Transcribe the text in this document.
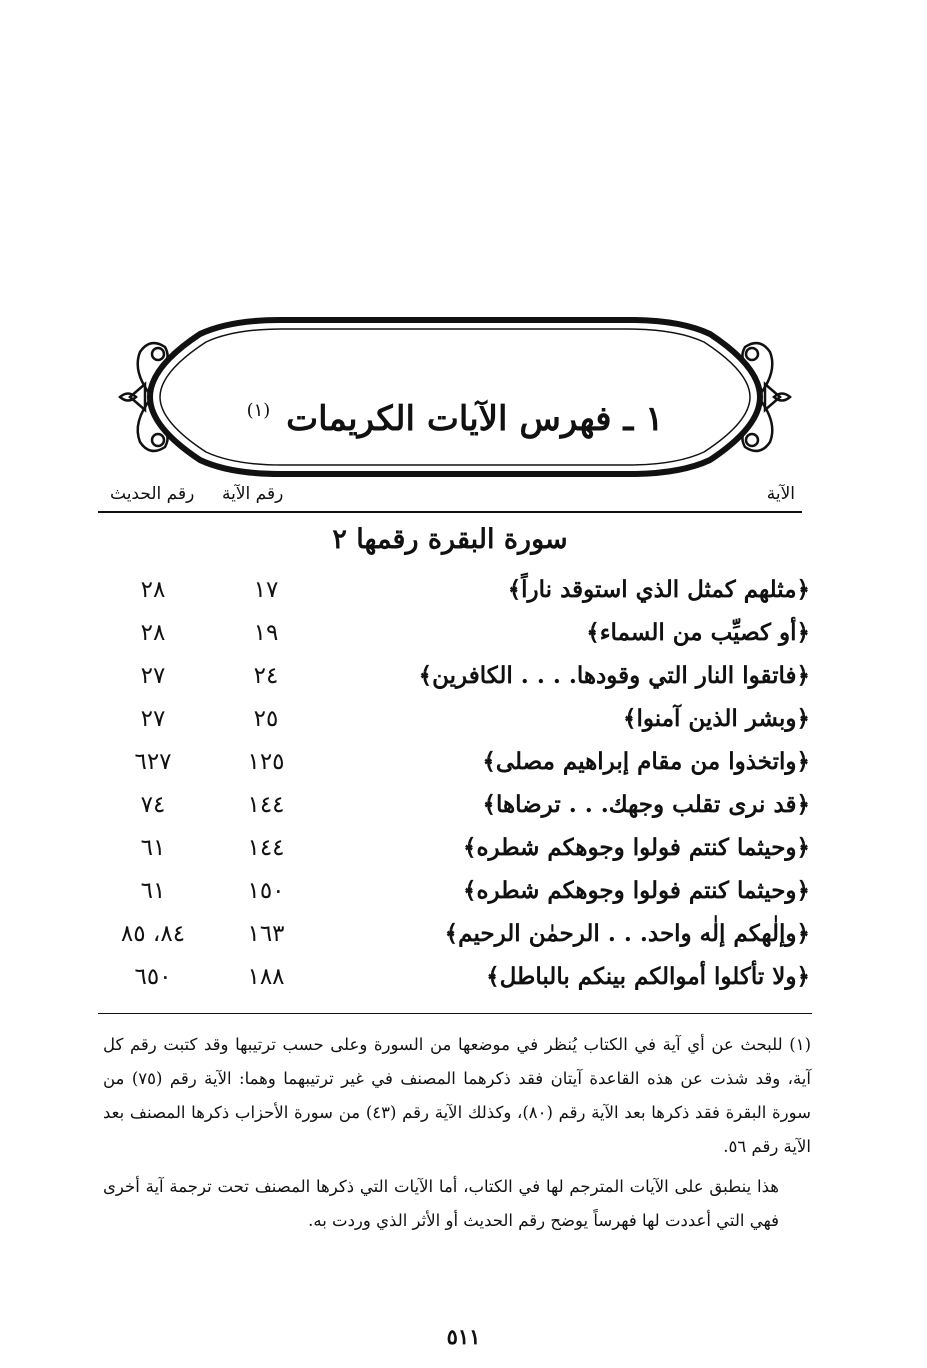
١ ـ فهرس الآيات الكريمات $^{(١)}$
الآية
رقم الآية
رقم الحديث
سورة البقرة رقمها ٢
﴿مثلهم كمثل الذي استوقد ناراً﴾
١٧
٢٨
﴿أو كصيِّب من السماء﴾
١٩
٢٨
﴿فاتقوا النار التي وقودها. . . . الكافرين﴾
٢٤
٢٧
﴿وبشر الذين آمنوا﴾
٢٥
٢٧
﴿واتخذوا من مقام إبراهيم مصلى﴾
١٢٥
٦٢٧
﴿قد نرى تقلب وجهك. . . ترضاها﴾
١٤٤
٧٤
﴿وحيثما كنتم فولوا وجوهكم شطره﴾
١٤٤
٦١
﴿وحيثما كنتم فولوا وجوهكم شطره﴾
١٥٠
٦١
﴿وإلٰهكم إلٰه واحد. . . الرحمٰن الرحيم﴾
١٦٣
٨٤، ٨٥
﴿ولا تأكلوا أموالكم بينكم بالباطل﴾
١٨٨
٦٥٠

(١) للبحث عن أي آية في الكتاب يُنظر في موضعها من السورة وعلى حسب ترتيبها وقد كتبت رقم كل آية، وقد شذت عن هذه القاعدة آيتان فقد ذكرهما المصنف في غير ترتيبهما وهما: الآية رقم (٧٥) من سورة البقرة فقد ذكرها بعد الآية رقم (٨٠)، وكذلك الآية رقم (٤٣) من سورة الأحزاب ذكرها المصنف بعد الآية رقم ٥٦.

هذا ينطبق على الآيات المترجم لها في الكتاب، أما الآيات التي ذكرها المصنف تحت ترجمة آية أخرى فهي التي أعددت لها فهرساً يوضح رقم الحديث أو الأثر الذي وردت به.

٥١١
